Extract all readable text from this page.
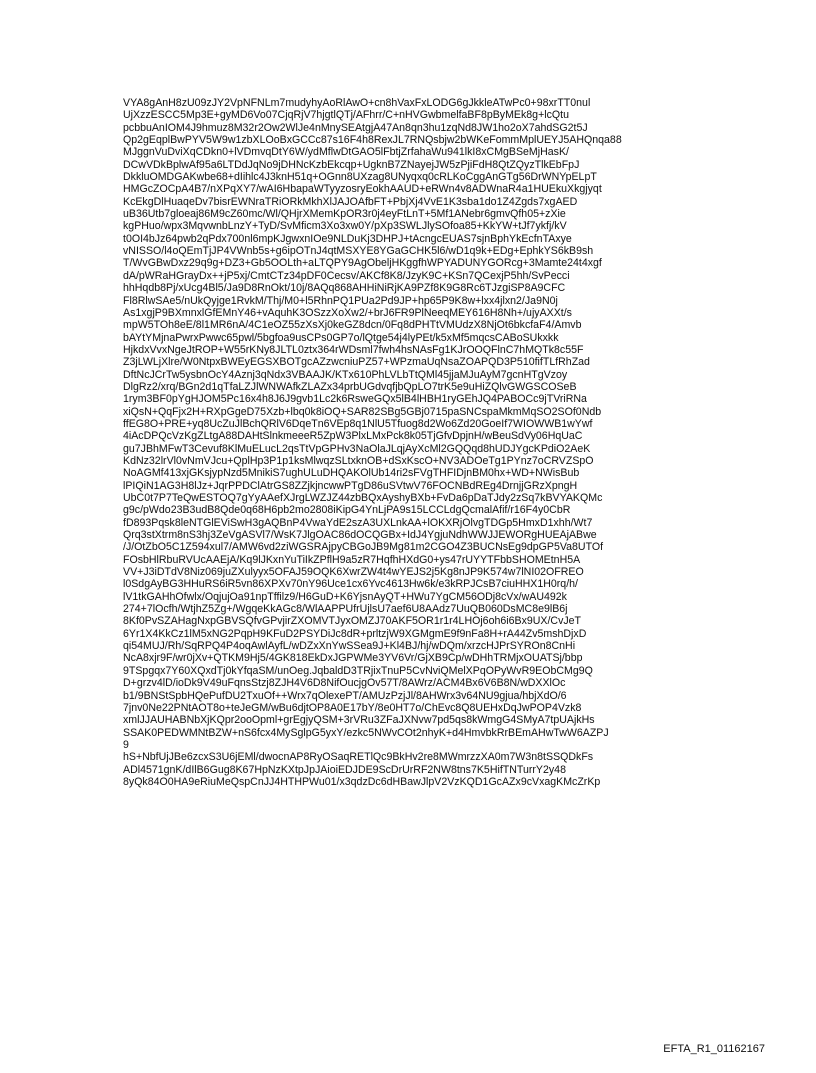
VYA8gAnH8zU09zJY2VpNFNLm7mudyhyAoRlAwO+cn8hVaxFxLODG6gJkkleATwPc0+98xrTT0nul
UjXzzESCC5Mp3E+gyMD6Vo07CjqRjV7hjgtlQTj/AFhrr/C+nHVGwbmelfaBF8pByMEk8g+lcQtu
pcbbuAnIOM4J9hmuz8M32r2Ow2WlJe4nMnySEAtgjA47An8qn3hu1zqNd8JW1ho2oX7ahdSG2t5J
Qp2gEqplBwPYV5W9w1zbXLOoBxGCCc87s16F4h8RexJL7RNQsbjw2bWKeFommMplUEYJ5AHQnqa88
MJggnVuDviXqCDkn0+lVDmvqDtY6W/ydMflwDtGAO5lFbtjZrfahaWu941lkI8xCMgBSeMjHasK/
DCwVDkBplwAf95a6LTDdJqNo9jDHNcKzbEkcqp+UgknB7ZNayejJW5zPjiFdH8QtZQyzTlkEbFpJ
DkkluOMDGAKwbe68+dIihlc4J3knH51q+OGnn8UXzag8UNyqxq0cRLKoCggAnGTg56DrWNYpELpT
HMGcZOCpA4B7/nXPqXY7/wAI6HbapaWTyyzosryEokhAAUD+eRWn4v8ADWnaR4a1HUEkuXkgjyqt
KcEkgDlHuaqeDv7bisrEWNraTRiORkMkhXlJAJOAfbFT+PbjXj4VvE1K3sba1do1Z4Zgds7xgAED
uB36Utb7gloeaj86M9cZ60mc/Wl/QHjrXMemKpOR3r0j4eyFtLnT+5Mf1ANebr6gmvQfh05+zXie
kgPHuo/wpx3MqvwnbLnzY+TyD/SvMficm3Xo3xw0Y/pXp3SWLJlySOfoa85+KkYW+tJf7ykfj/kV
t0OI4bJz64pwb2qPdx700nl6mpKJgwxnIOe9NLDuKj3DHPJ+tAcngcEUAS7sjnBphYkEcfnTAxye
vNISSO/l4oQEmTjJP4VWnb5s+g6ipOTnJ4qtMSXYE8YGaGCHK5l6/wD1q9k+EDg+EphkYS6kB9sh
T/WvGBwDxz29q9g+DZ3+Gb5OOLth+aLTQPY9AgObeljHKggfhWPYADUNYGORcg+3Mamte24t4xgf
dA/pWRaHGrayDx++jP5xj/CmtCTz34pDF0Cecsv/AKCf8K8/JzyK9C+KSn7QCexjP5hh/SvPecci
hhHqdb8Pj/xUcg4Bl5/Ja9D8RnOkt/10j/8AQq868AHHiNiRjKA9PZf8K9G8Rc6TJzgiSP8A9CFC
Fl8RlwSAe5/nUkQyjge1RvkM/Thj/M0+l5RhnPQ1PUa2Pd9JP+hp65P9K8w+lxx4jlxn2/Ja9N0j
As1xgjP9BXmnxlGfEMnY46+vAquhK3OSzzXoXw2/+brJ6FR9PlNeeqMEY616H8Nh+/ujyAXXt/s
mpW5TOh8eE/8l1MR6nA/4C1eOZ55zXsXj0keGZ8dcn/0Fq8dPHTtVMUdzX8NjOt6bkcfaF4/Amvb
bAYtYMjnaPwrxPwwc65pwl/5bgfoa9usCPs0GP7o/lQtge54j4lyPEt/k5xMf5mqcsCABoSUkxkk
HjkdxVvxNgeJtROP+W55rKNy8JLTL0ztx364rWDsml7fwh4hsNAsFg1KJrOOQFlnC7hMQTk8c55F
Z3jLWLjXlre/W0NtpxBWEyEGSXBOTgcAZzwcniuPZ57+WPzmaUqNsaZOAPQD3P510fifTLfRhZad
DftNcJCrTw5ysbnOcY4Aznj3qNdx3VBAAJK/KTx610PhLVLbTtQMl45jjaMJuAyM7gcnHTgVzoy
DlgRz2/xrq/BGn2d1qTfaLZJlWNWAfkZLAZx34prbUGdvqfjbQpLO7trK5e9uHiZQlvGWGSCOSeB
1rym3BF0pYgHJOM5Pc16x4h8J6J9gvb1Lc2k6RsweGQx5lB4lHBH1ryGEhJQ4PABOCc9jTVriRNa
xiQsN+QqFjx2H+RXpGgeD75Xzb+lbq0k8iOQ+SAR82SBg5GBj0715paSNCspaMkmMqSO2SOf0Ndb
ffEG8O+PRE+yq8UcZuJlBchQRlV6DqeTn6VEp8q1NlU5Tfuog8d2Wo6Zd20GoeIf7WIOWWB1wYwf
4iAcDPQcVzKgZLtgA88DAHtSlnkmeeeR5ZpW3PlxLMxPck8k05TjGfvDpjnH/wBeuSdVy06HqUaC
gu7JBhMFwT3Cevuf8KlMuELucL2qsTtVpGPHv3NaOlaJLqjAyXcMl2GQQqd8hUDJYgcKPdiO2AeK
KdNz32lrVl0vNmVJcu+QplHp3P1p1ksMlwqzSLtxknOB+dSxKscO+NV3ADOeTg1PYnz7oCRVZSpO
NoAGMf413xjGKsjypNzd5MnikiS7ughULuDHQAKOlUb14ri2sFVgTHFIDjnBM0hx+WD+NWisBub
lPIQiN1AG3H8lJz+JqrPPDClAtrGS8ZZjkjncwwPTgD86uSVtwV76FOCNBdREg4DrnjjGRzXpngH
UbC0t7P7TeQwESTOQ7gYyAAefXJrgLWZJZ44zbBQxAyshyBXb+FvDa6pDaTJdy2zSq7kBVYAKQMc
g9c/pWdo23B3udB8Qde0q68H6pb2mo2808iKipG4YnLjPA9s15LCCLdgQcmalAfif/r16F4y0CbR
fD893Pqsk8leNTGlEViSwH3gAQBnP4VwaYdE2szA3UXLnkAA+lOKXRjOlvgTDGp5HmxD1xhh/Wt7
Qrq3stXtrm8nS3hj3ZeVgASVl7/WsK7JlgOAC86dOCQGBx+IdJ4YgjuNdhWWJJEWORgHUEAjABwe
/J/OtZbO5C1Z594xul7/AMW6vd2ziWGSRAjpyCBGoJB9Mg81m2CGO4Z3BUCNsEg9dpGP5Va8UTOf
FOsbHlRbuRVUcAAEjA/Kq9lJKxnYuTiIkZPflH9a5zR7HqfhHXdG0+ys47rUYYTFbbSHOMEtnH5A
VV+J3iDTdV8Niz069juZXulyyx5OFAJ59OQK6XwrZW4t4wYEJS2j5Kg8nJP9K574w7lNI02OFREO
l0SdgAyBG3HHuRS6iR5vn86XPXv70nY96Uce1cx6Yvc4613Hw6k/e3kRPJCsB7ciuHHX1H0rq/h/
lV1tkGAHhOfwlx/OqjujOa91npTffilz9/H6GuD+K6YjsnAyQT+HWu7YgCM56ODj8cVx/wAU492k
274+7lOcfh/WtjhZ5Zg+/WgqeKkAGc8/WlAAPPUfrUjlsU7aef6U8AAdz7UuQB060DsMC8e9lB6j
8Kf0PvSZAHagNxpGBVSQfvGPvjirZXOMVTJyxOMZJ70AKF5OR1r1r4LHOj6oh6i6Bx9UX/CvJeT
6Yr1X4KkCz1lM5xNG2PqpH9KFuD2PSYDiJc8dR+prltzjW9XGMgmE9f9nFa8H+rA44Zv5mshDjxD
qi54MUJ/Rh/SqRPQ4P4oqAwlAyfL/wDZxXnYwSSea9J+Kl4BJ/hj/wDQm/xrzcHJPrSYROn8CnHi
NcA8xjr9F/wr0jXv+QTKM9Hj5/4GK818EkDxJGPWMe3YV6Vr/GjXB9Cp/wDHhTRMjxOUATSj/bbp
9TSpgqx7Y60XQxdTj0kYfqaSM/unOeg.JqbaldD3TRjixTnuP5CvNviQMelXPqOPyWvR9EObCMg9Q
D+grzv4lD/ioDk9V49uFqnsStzj8ZJH4V6D8NifOucjgOv57T/8AWrz/ACM4Bx6V6B8N/wDXXlOc
b1/9BNStSpbHQePufDU2TxuOf++Wrx7qOlexePT/AMUzPzjJl/8AHWrx3v64NU9gjua/hbjXdO/6
7jnv0Ne22PNtAOT8o+teJeGM/wBu6djtOP8A0E17bY/8e0HT7o/ChEvc8Q8UEHxDqJwPOP4Vzk8
xmlJJAUHABNbXjKQpr2ooOpml+grEgjyQSM+3rVRu3ZFaJXNvw7pd5qs8kWmgG4SMyA7tpUAjkHs
SSAK0PEDWMNtBZW+nS6fcx4MySglpG5yxY/ezkc5NWvCOt2nhyK+d4HmvbkRrBEmAHwTwW6AZPJ
9
hS+NbfUjJBe6zcxS3U6jEMl/dwocnAP8RyOSaqRETlQc9BkHv2re8MWmrzzXA0m7W3n8tSSQDkFs
ADl4571gnK/dIlB6Gug8K67HpNzKXtpJpJAioiEDJDE9ScDrUrRF2NW8tns7K5HifTNTurrY2y48
8yQk84O0HA9eRiuMeQspCnJJ4HTHPWu01/x3qdzDc6dHBawJlpV2VzKQD1GcAZx9cVxagKMcZrKp
EFTA_R1_01162167
